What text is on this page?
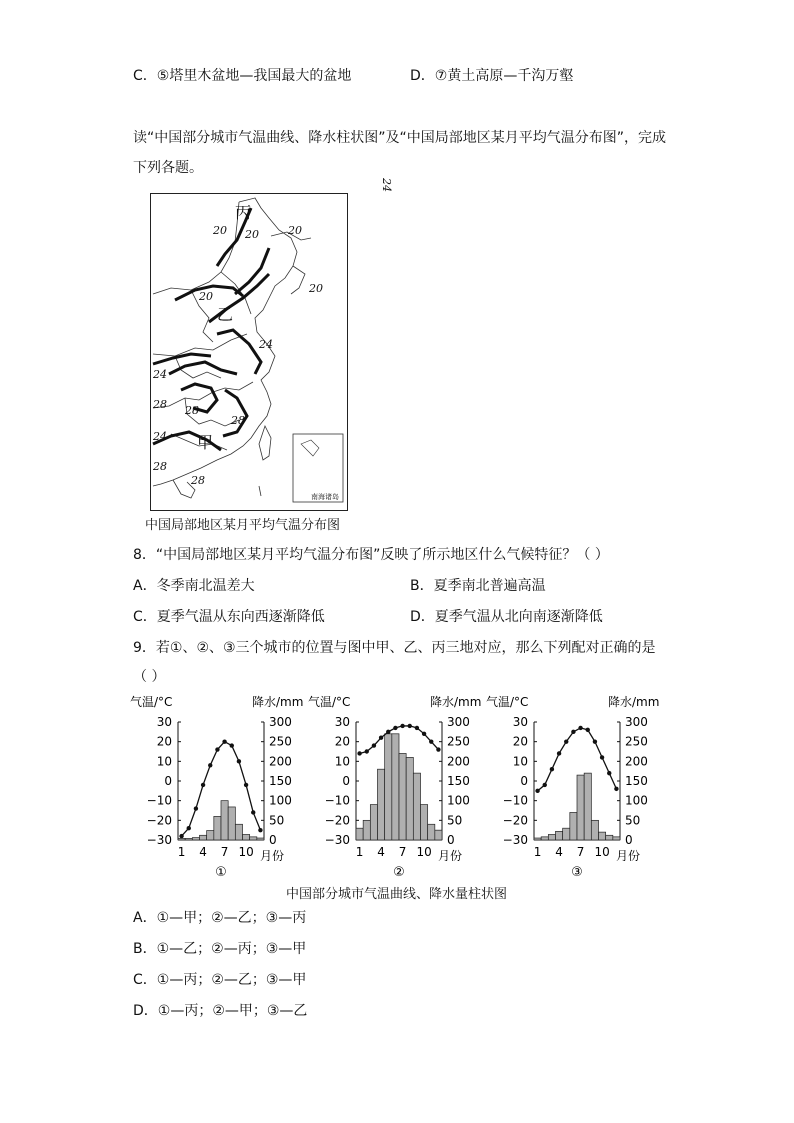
C．⑤塔里木盆地—我国最大的盆地	D．⑦黄土高原—千沟万壑
读“中国部分城市气温曲线、降水柱状图”及“中国局部地区某月平均气温分布图”，完成
下列各题。
南海诸岛
丙
20 20	20
20
20
乙
24
24
28 28
28
24
甲
24
28
28
中国局部地区某月平均气温分布图
8．“中国局部地区某月平均气温分布图”反映了所示地区什么气候特征？（ ）
A．冬季南北温差大	B．夏季南北普遍高温
C．夏季气温从东向西逐渐降低	D．夏季气温从北向南逐渐降低
9．若①、②、③三个城市的位置与图中甲、乙、丙三地对应，那么下列配对正确的是
（ ）
气温/°C	降水/mm
30
20
10
0
−10
−20
−30
300
250
200
150
100
50
0
1 4 7 10 月份
①
气温/°C	降水/mm
30
20
10
0
−10
−20
−30
300
250
200
150
100
50
0
1 4 7 10 月份
②
气温/°C	降水/mm
30
20
10
0
−10
−20
−30
300
250
200
150
100
50
0
1 4 7 10 月份
③
中国部分城市气温曲线、降水量柱状图
A．①—甲；②—乙；③—丙
B．①—乙；②—丙；③—甲
C．①—丙；②—乙；③—甲
D．①—丙；②—甲；③—乙
